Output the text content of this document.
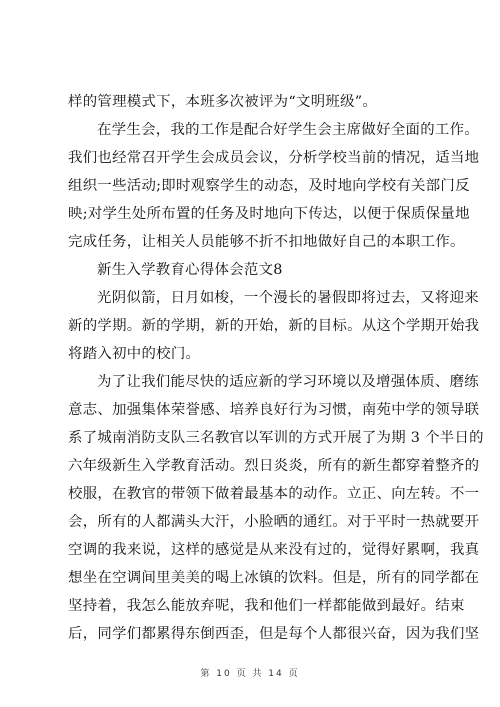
样的管理模式下，本班多次被评为“文明班级”。
在学生会，我的工作是配合好学生会主席做好全面的工作。
我们也经常召开学生会成员会议，分析学校当前的情况，适当地
组织一些活动;即时观察学生的动态，及时地向学校有关部门反
映;对学生处所布置的任务及时地向下传达，以便于保质保量地
完成任务，让相关人员能够不折不扣地做好自己的本职工作。
新生入学教育心得体会范文8
光阴似箭，日月如梭，一个漫长的暑假即将过去，又将迎来
新的学期。新的学期，新的开始，新的目标。从这个学期开始我
将踏入初中的校门。
为了让我们能尽快的适应新的学习环境以及增强体质、磨练
意志、加强集体荣誉感、培养良好行为习惯，南苑中学的领导联
系了城南消防支队三名教官以军训的方式开展了为期 3 个半日的
六年级新生入学教育活动。烈日炎炎，所有的新生都穿着整齐的
校服，在教官的带领下做着最基本的动作。立正、向左转。不一
会，所有的人都满头大汗，小脸晒的通红。对于平时一热就要开
空调的我来说，这样的感觉是从来没有过的，觉得好累啊，我真
想坐在空调间里美美的喝上冰镇的饮料。但是，所有的同学都在
坚持着，我怎么能放弃呢，我和他们一样都能做到最好。结束
后，同学们都累得东倒西歪，但是每个人都很兴奋，因为我们坚
第 10 页 共 14 页
